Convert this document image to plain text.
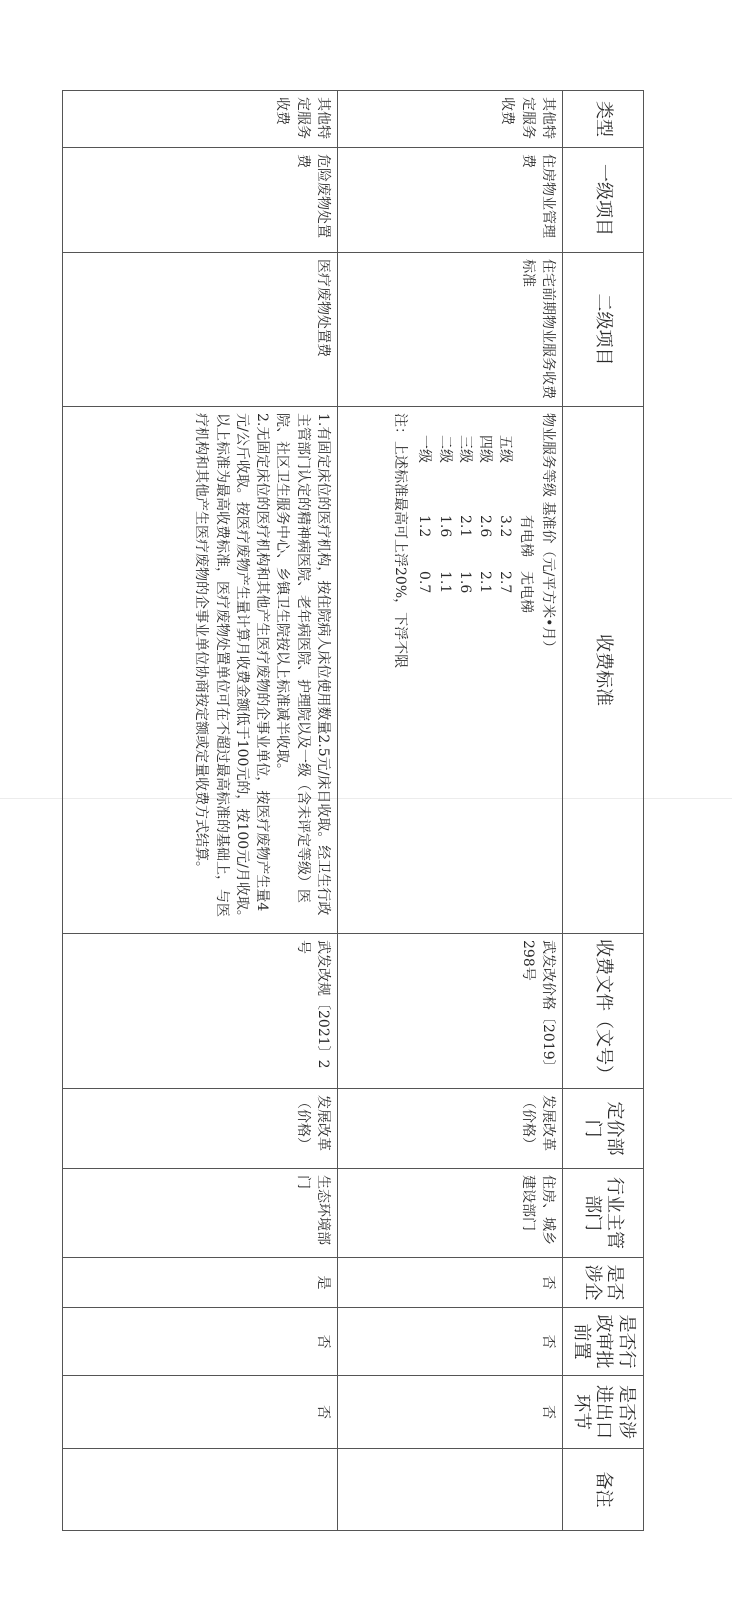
类型	一级项目	二级项目	收费标准	收费文件（文号）	定价部门	行业主管部门	是否涉企	是否行政审批前置	是否涉进出口环节	备注
其他特定服务收费	住房物业管理费	住宅前期物业服务收费标准	
物业服务等级 基准价（元/平方米•月）
	有电梯	无电梯
五级	3.2	2.7
四级	2.6	2.1
三级	2.1	1.6
二级	1.6	1.1
一级	1.2	0.7
注：上述标准最高可上浮20%，下浮不限
	武发改价格〔2019〕298号	发展改革（价格）	住房、城乡建设部门	否	否	否	
其他特定服务收费	危险废物处置费	医疗废物处置费	

1.有固定床位的医疗机构，按住院病人床位使用数量2.5元/床日收取。经卫生行政主管部门认定的精神病医院、老年病医院、护理院以及一级（含未评定等级）医院、社区卫生服务中心、乡镇卫生院按以上标准减半收取。

2.无固定床位的医疗机构和其他产生医疗废物的企事业单位，按医疗废物产生量4元/公斤收取。按医疗废物产生量计算月收费金额低于100元的，按100元/月收取。

以上标准为最高收费标准，医疗废物处置单位可在不超过最高标准的基础上，与医疗机构和其他产生医疗废物的企事业单位协商按定额或定量收费方式结算。

	武发改规〔2021〕2号	发展改革（价格）	生态环境部门	是	否	否	
